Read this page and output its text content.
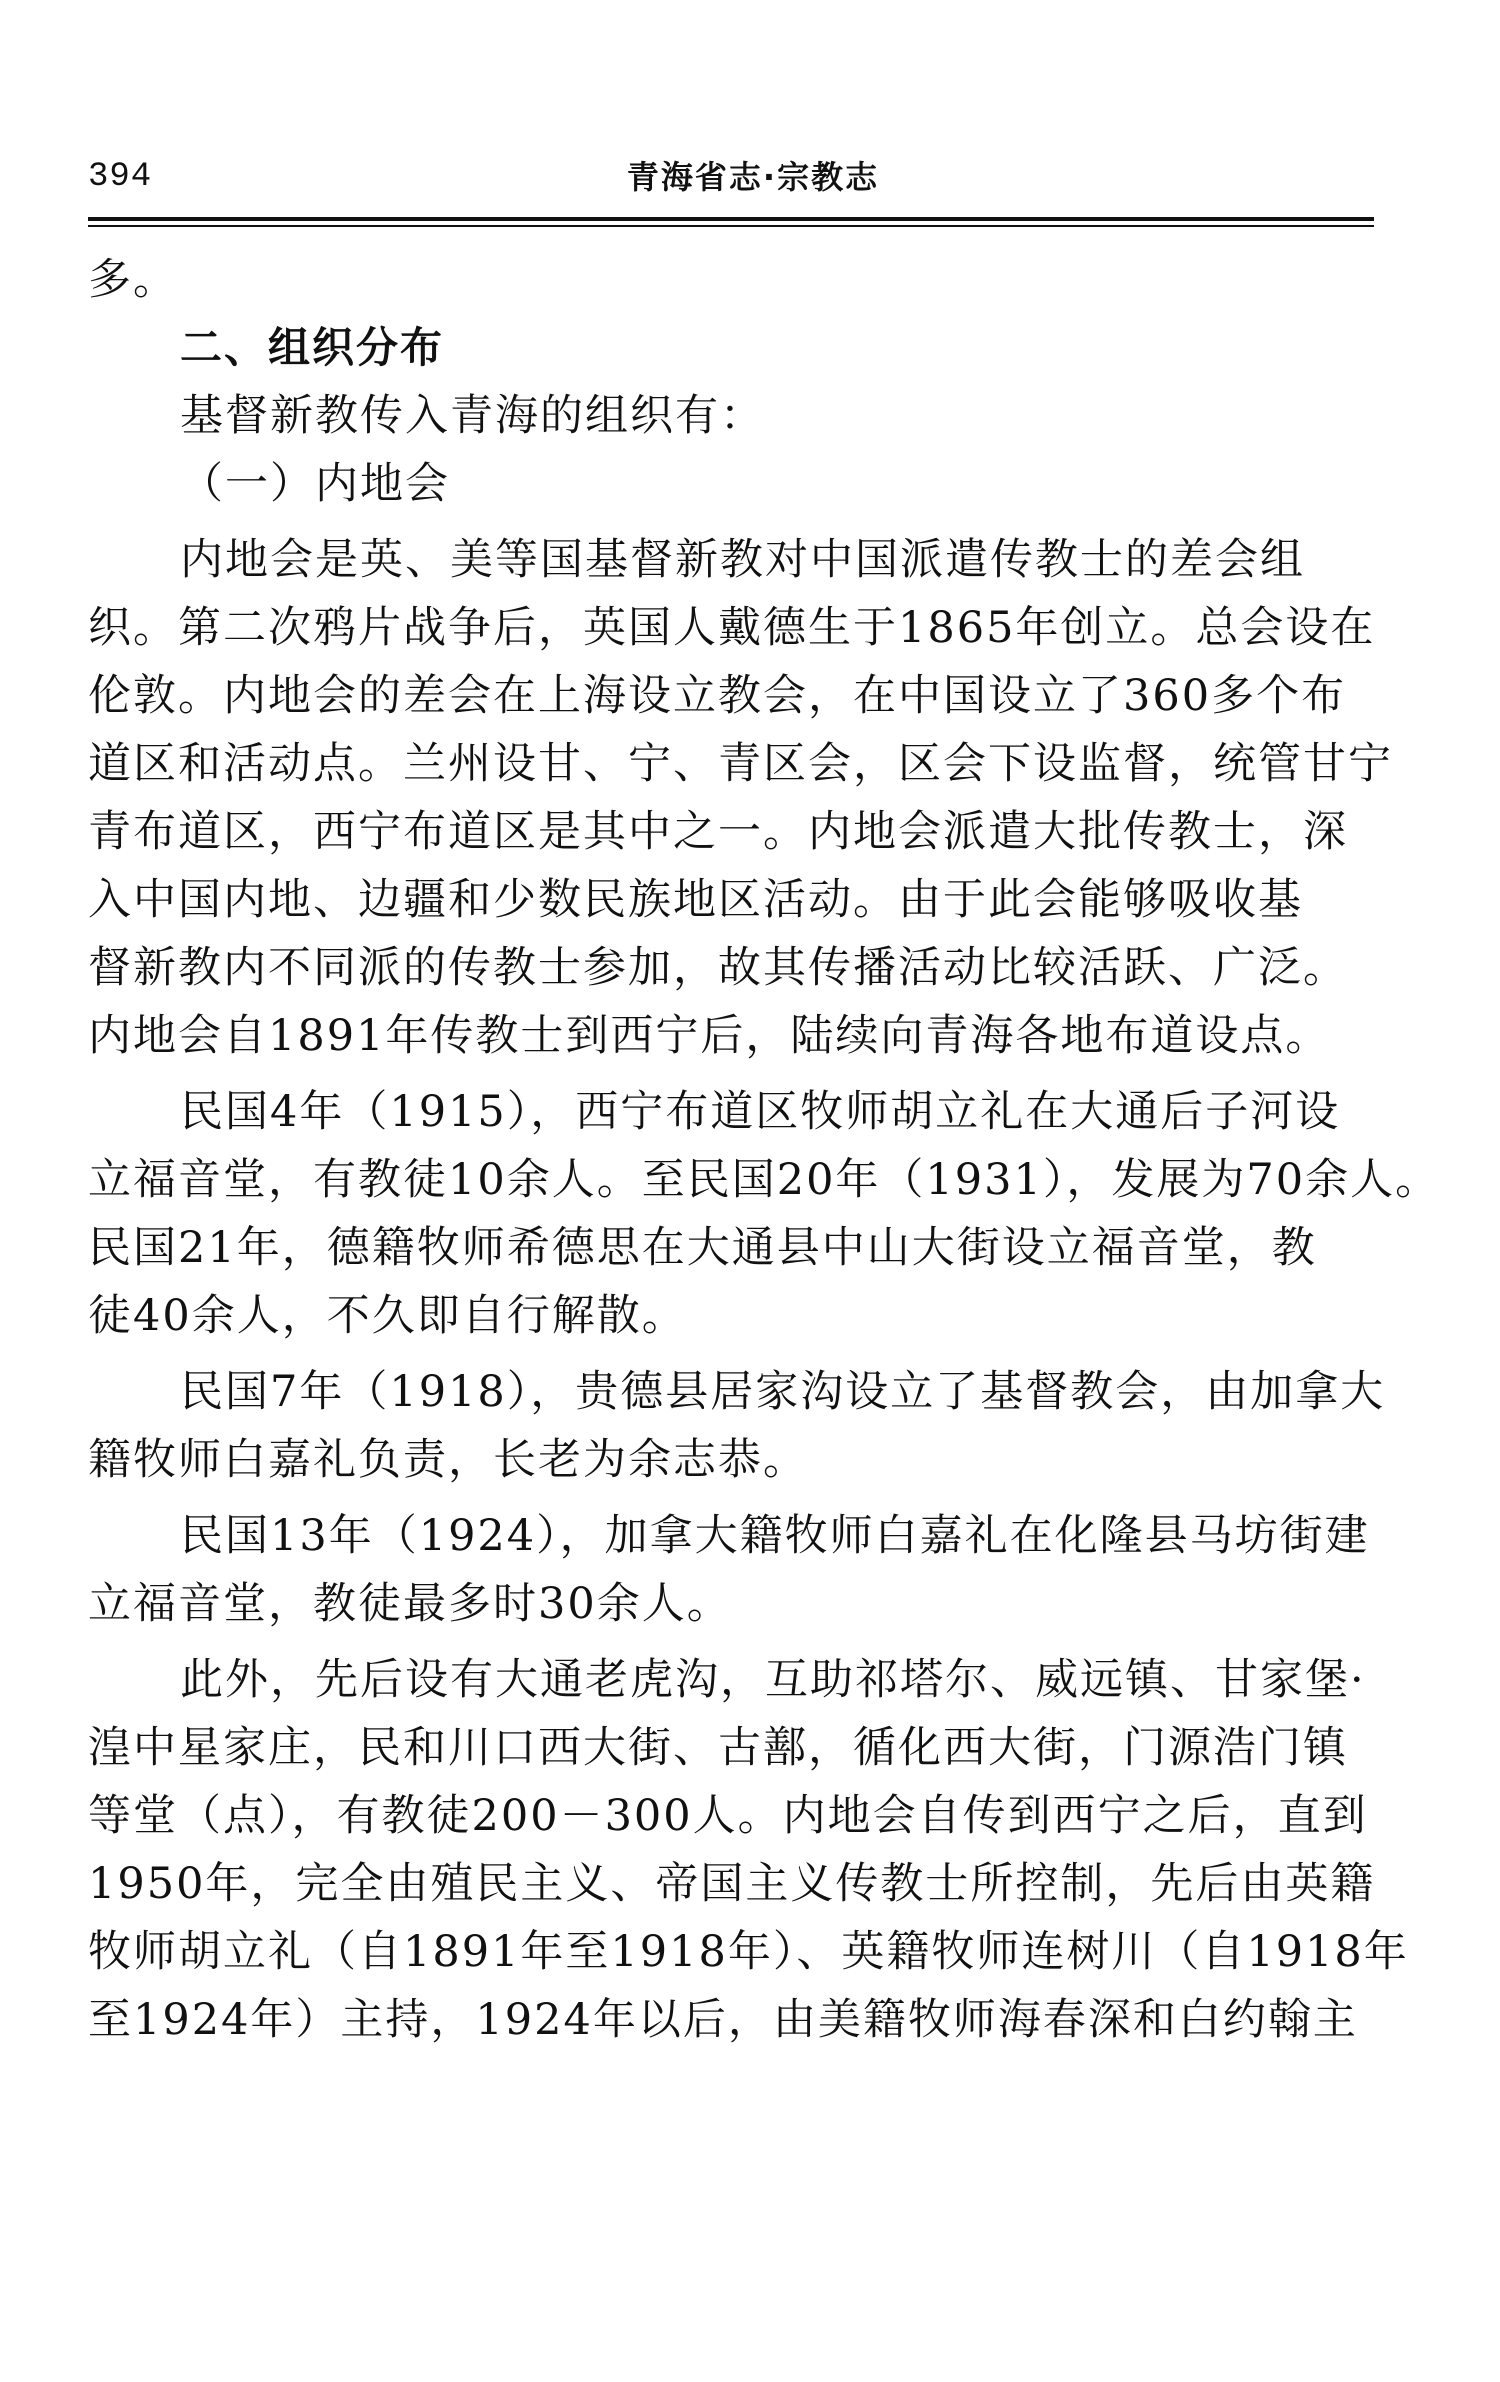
394	青海省志·宗教志

多。

二、组织分布

基督新教传入青海的组织有：

（一）内地会

内地会是英、美等国基督新教对中国派遣传教士的差会组

织。第二次鸦片战争后，英国人戴德生于1865年创立。总会设在

伦敦。内地会的差会在上海设立教会，在中国设立了360多个布

道区和活动点。兰州设甘、宁、青区会，区会下设监督，统管甘宁

青布道区，西宁布道区是其中之一。内地会派遣大批传教士，深

入中国内地、边疆和少数民族地区活动。由于此会能够吸收基

督新教内不同派的传教士参加，故其传播活动比较活跃、广泛。

内地会自1891年传教士到西宁后，陆续向青海各地布道设点。

民国4年（1915），西宁布道区牧师胡立礼在大通后子河设

立福音堂，有教徒10余人。至民国20年（1931），发展为70余人。

民国21年，德籍牧师希德思在大通县中山大街设立福音堂，教

徒40余人，不久即自行解散。

民国7年（1918），贵德县居家沟设立了基督教会，由加拿大

籍牧师白嘉礼负责，长老为余志恭。

民国13年（1924），加拿大籍牧师白嘉礼在化隆县马坊街建

立福音堂，教徒最多时30余人。

此外，先后设有大通老虎沟，互助祁塔尔、威远镇、甘家堡·

湟中星家庄，民和川口西大街、古鄯，循化西大街，门源浩门镇

等堂（点），有教徒200－300人。内地会自传到西宁之后，直到

1950年，完全由殖民主义、帝国主义传教士所控制，先后由英籍

牧师胡立礼（自1891年至1918年）、英籍牧师连树川（自1918年

至1924年）主持，1924年以后，由美籍牧师海春深和白约翰主
